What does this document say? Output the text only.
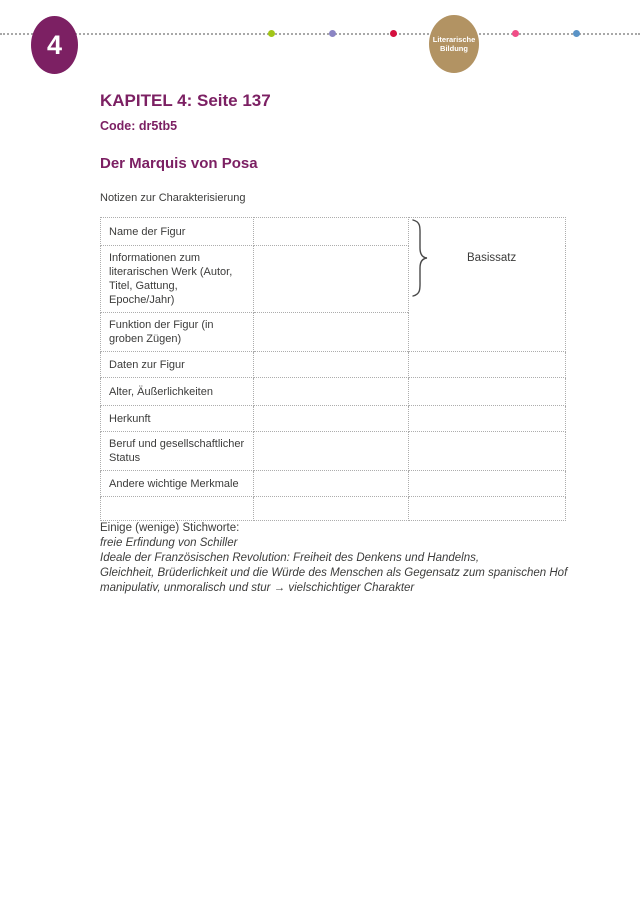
4	Literarische
Bildung
KAPITEL 4: Seite 137
Code: dr5tb5
Der Marquis von Posa
Notizen zur Charakterisierung
Name der Figur		Basissatz

Informationen zum literarischen Werk (Autor, Titel, Gattung, Epoche/Jahr)		
Funktion der Figur (in groben Zügen)		
Daten zur Figur		
Alter, Äußerlichkeiten		
Herkunft		
Beruf und gesellschaftlicher Status		
Andere wichtige Merkmale		

Einige (wenige) Stichworte:
freie Erfindung von Schiller
Ideale der Französischen Revolution: Freiheit des Denkens und Handelns,
Gleichheit, Brüderlichkeit und die Würde des Menschen als Gegensatz zum spanischen Hof
manipulativ, unmoralisch und stur → vielschichtiger Charakter
